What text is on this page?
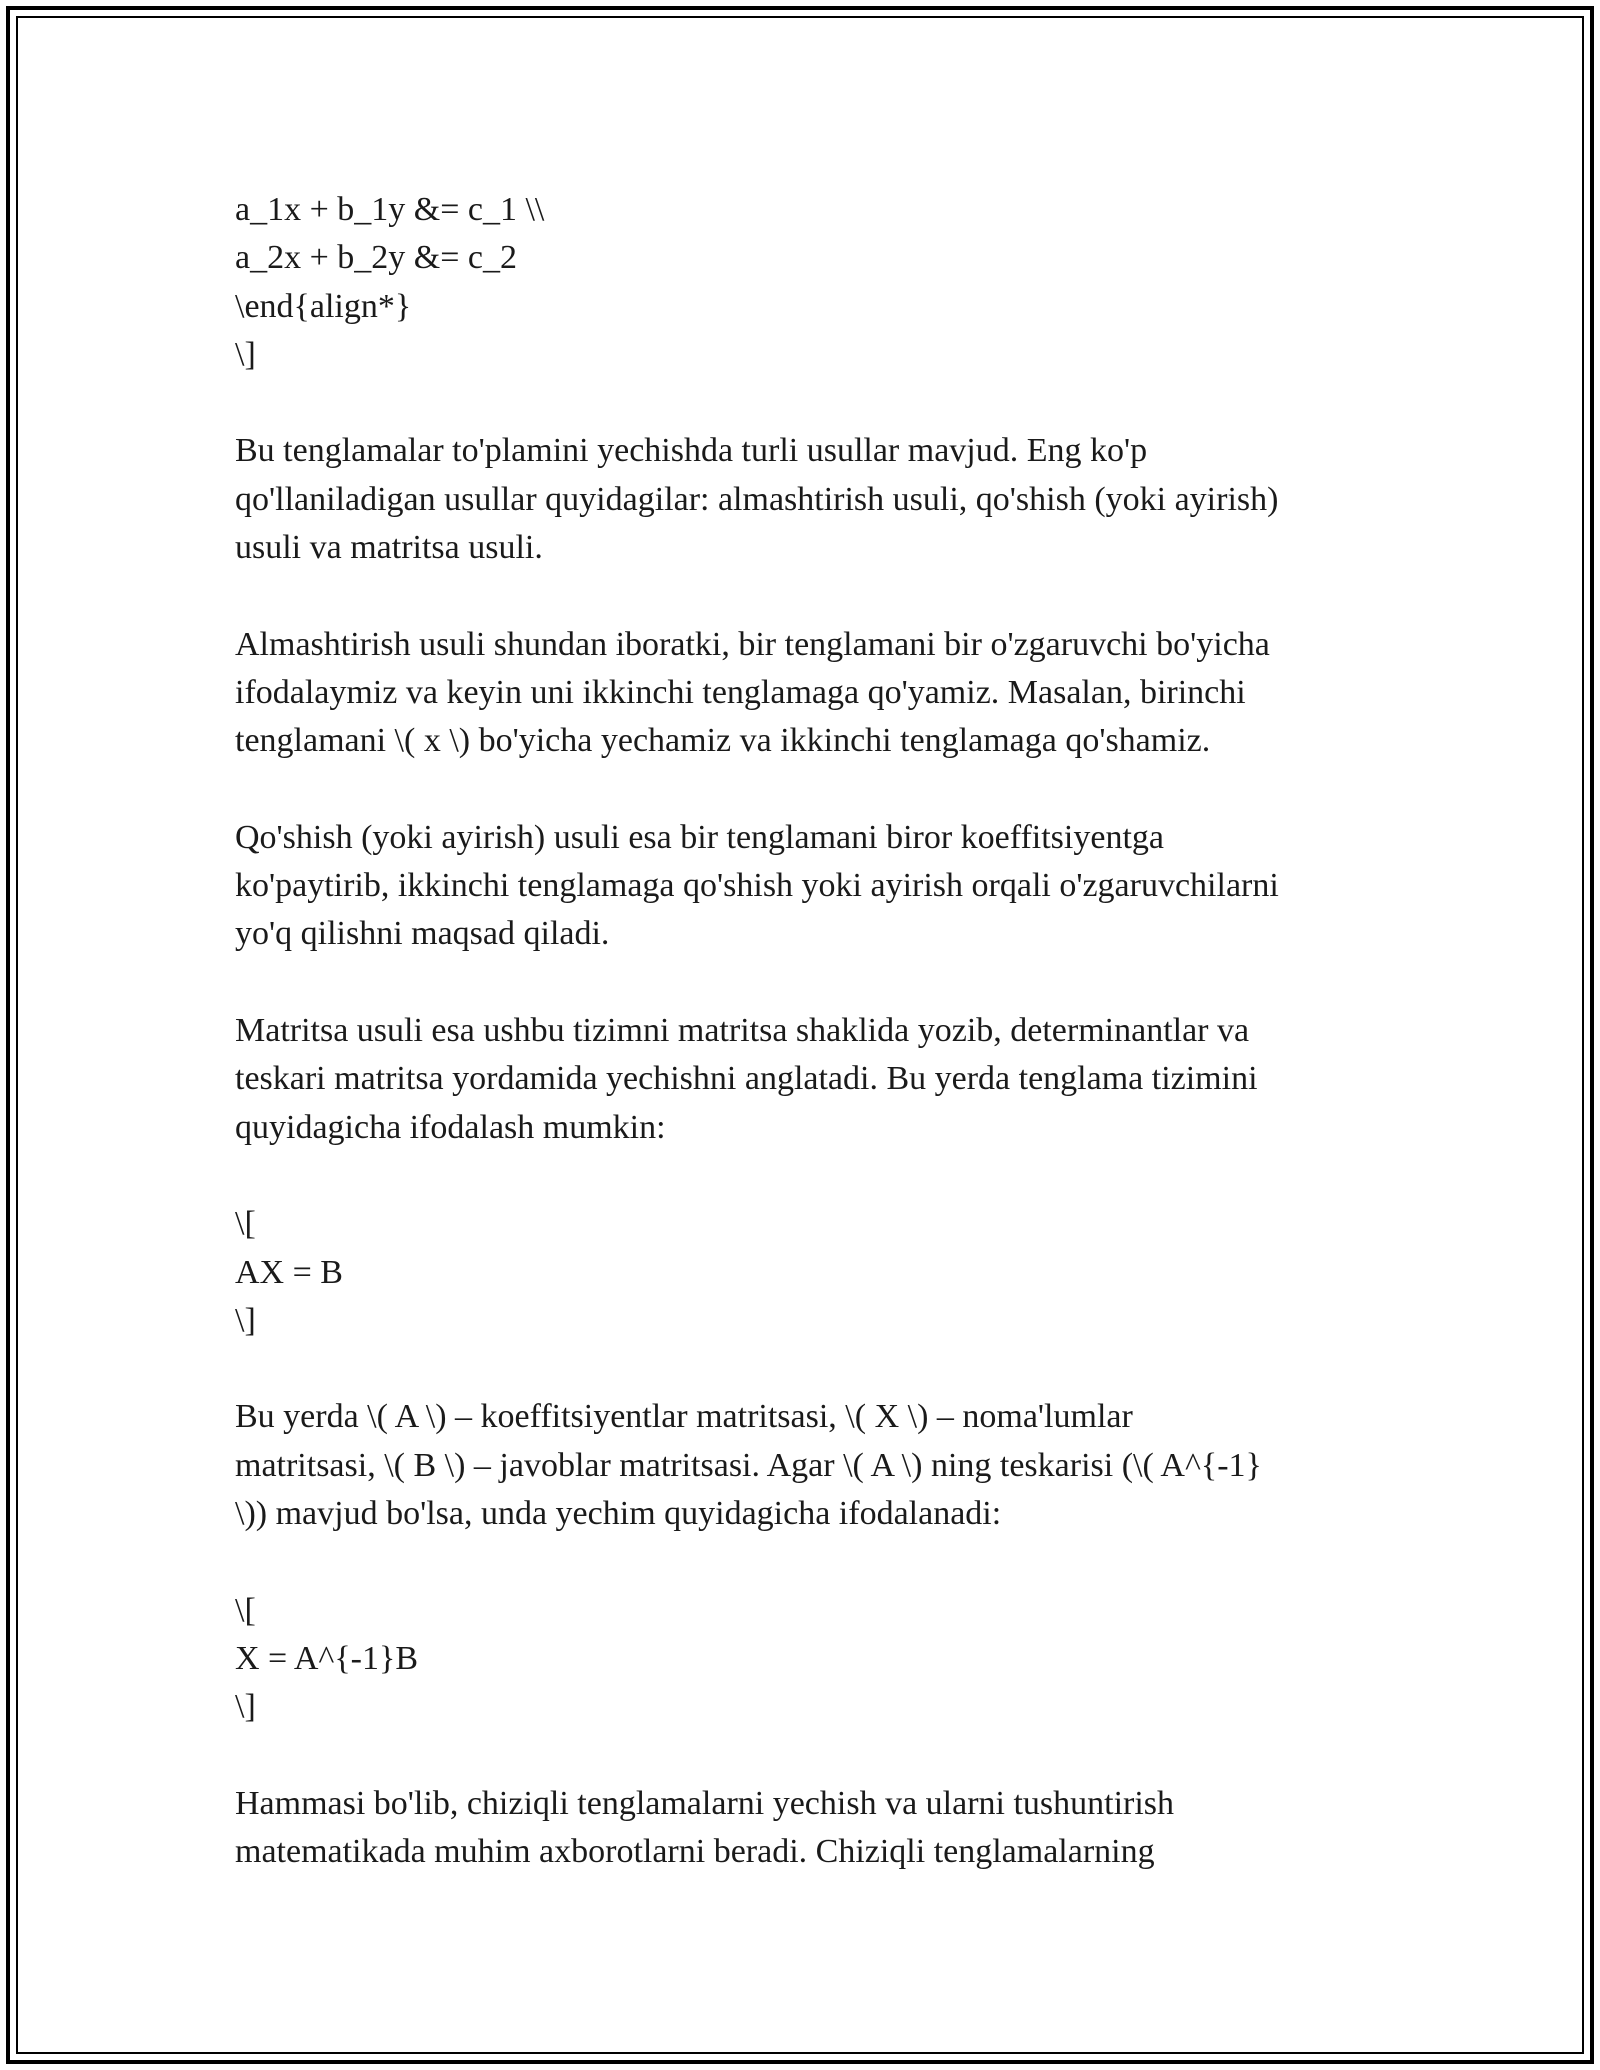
a_1x + b_1y &= c_1 \\
a_2x + b_2y &= c_2
\end{align*}
\]
Bu tenglamalar to'plamini yechishda turli usullar mavjud. Eng ko'p
qo'llaniladigan usullar quyidagilar: almashtirish usuli, qo'shish (yoki ayirish)
usuli va matritsa usuli.
Almashtirish usuli shundan iboratki, bir tenglamani bir o'zgaruvchi bo'yicha
ifodalaymiz va keyin uni ikkinchi tenglamaga qo'yamiz. Masalan, birinchi
tenglamani \( x \) bo'yicha yechamiz va ikkinchi tenglamaga qo'shamiz.
Qo'shish (yoki ayirish) usuli esa bir tenglamani biror koeffitsiyentga
ko'paytirib, ikkinchi tenglamaga qo'shish yoki ayirish orqali o'zgaruvchilarni
yo'q qilishni maqsad qiladi.
Matritsa usuli esa ushbu tizimni matritsa shaklida yozib, determinantlar va
teskari matritsa yordamida yechishni anglatadi. Bu yerda tenglama tizimini
quyidagicha ifodalash mumkin:
\[
AX = B
\]
Bu yerda \( A \) – koeffitsiyentlar matritsasi, \( X \) – noma'lumlar
matritsasi, \( B \) – javoblar matritsasi. Agar \( A \) ning teskarisi (\( A^{-1}
\)) mavjud bo'lsa, unda yechim quyidagicha ifodalanadi:
\[
X = A^{-1}B
\]
Hammasi bo'lib, chiziqli tenglamalarni yechish va ularni tushuntirish
matematikada muhim axborotlarni beradi. Chiziqli tenglamalarning
